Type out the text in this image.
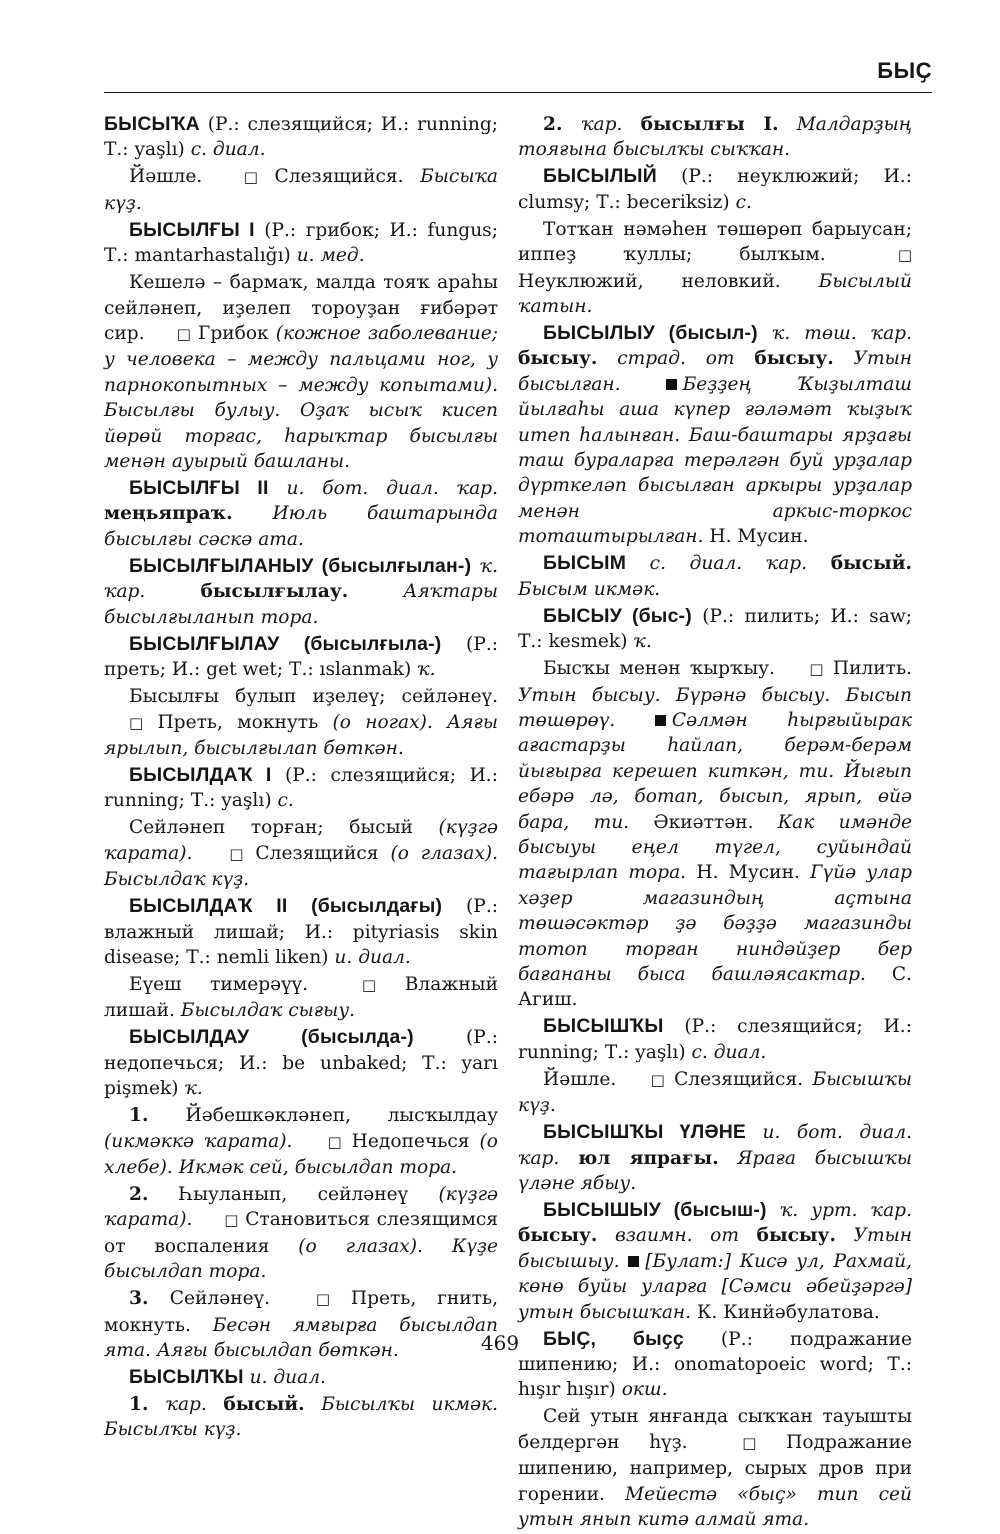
БЫҪ

БЫСЫҠА (Р.: слезящийся; И.: running; Т.: yaşlı) с. диал.

Йәшле. □ Слезящийся. Бысыҡа күҙ.

БЫСЫЛҒЫ I (Р.: грибок; И.: fungus; Т.: mantarhastalığı) и. мед.

Кешелә – бармаҡ, малда тояҡ араһы сейләнеп, иҙелеп тороуҙан ғибәрәт сир. □ Грибок (кожное заболевание; у человека – между пальцами ног, у парнокопытных – между копытами). Бысылғы булыу. Оҙаҡ ысыҡ кисеп йөрөй торғас, һарыҡтар бысылғы менән ауырый башланы.

БЫСЫЛҒЫ II и. бот. диал. ҡар. меңьяпраҡ. Июль баштарында бысылғы сәскә ата.

БЫСЫЛҒЫЛАНЫУ (бысылғылан-) ҡ. ҡар.	бысылғылау.	Аяҡтары бысылғыланып тора.

БЫСЫЛҒЫЛАУ (бысылғыла-) (Р.: преть; И.: get wet; Т.: ıslanmak) ҡ.

Бысылғы булып иҙелеү; сейләнеү. □ Преть, мокнуть (о ногах). Аяғы ярылып, бысылғылап бөткән.

БЫСЫЛДАҠ I (Р.: слезящийся; И.: running; Т.: yaşlı) с.

Сейләнеп торған; бысый (күҙгә ҡарата). □ Слезящийся (о глазах). Бысылдаҡ күҙ.

БЫСЫЛДАҠ II (бысылдағы) (Р.: влажный лишай; И.: pityriasis skin disease; Т.: nemli liken) и. диал.

Еүеш тимерәүү. □ Влажный лишай. Бысылдаҡ сығыу.

БЫСЫЛДАУ (бысылда-) (Р.: недопечься; И.: be unbaked; Т.: yarı pişmek) ҡ.

1. Йәбешкәкләнеп, лысҡылдау (икмәккә ҡарата). □ Недопечься (о хлебе). Икмәк сей, бысылдап тора.

2. Һыуланып, сейләнеү (күҙгә ҡарата). □ Становиться слезящимся от воспаления (о глазах). Күҙе бысылдап тора.

3. Сейләнеү. □ Преть, гнить, мокнуть. Бесән ямғырға бысылдап ята. Аяғы бысылдап бөткән.

БЫСЫЛҠЫ и. диал.

1. ҡар. бысый. Бысылҡы икмәк. Бысылҡы күҙ.

2. ҡар. бысылғы I. Малдарҙың тояғына бысылҡы сыҡҡан.

БЫСЫЛЫЙ (Р.: неуклюжий; И.: clumsy; Т.: beceriksiz) с.

Тотҡан нәмәһен төшөрөп барыусан; иппеҙ ҡуллы; былҡым. □ Неуклюжий, неловкий. Бысылый ҡатын.

БЫСЫЛЫУ (бысыл-) ҡ. төш. ҡар. бысыу. страд. от бысыу. Утын бысылған.	Беҙҙең Ҡыҙылташ йылғаһы аша күпер ғәләмәт ҡыҙыҡ итеп һалынған. Баш-баштары ярҙағы таш бураларға терәлгән буй урҙалар дүрткеләп бысылған аркыры урҙалар менән аркыс-торкос тоташтырылған. Н. Мусин.

БЫСЫМ с. диал. ҡар. бысый. Бысым икмәк.

БЫСЫУ (быс-) (Р.: пилить; И.: saw; Т.: kesmek) ҡ.

Бысҡы менән ҡырҡыу. □ Пилить. Утын бысыу. Бүрәнә бысыу. Бысып төшөрөү.	Сәлмән һырғыйырак ағастарҙы һайлап, берәм-берәм йығырға керешеп киткән, ти. Йығып ебәрә лә, ботап, бысып, ярып, өйә бара, ти. Әкиәттән. Как имәнде бысыуы еңел түгел, суйындай тағырлап тора. Н. Мусин. Гүйә улар хәҙер магазиндың аҫтына төшәсәктәр ҙә бәҙҙә магазинды тотоп торған ниндәйҙер бер бағананы быса башләясактар. С. Агиш.

БЫСЫШҠЫ (Р.: слезящийся; И.: running; Т.: yaşlı) с. диал.

Йәшле. □ Слезящийся. Бысышҡы күҙ.

БЫСЫШҠЫ ҮЛӘНЕ и. бот. диал. ҡар. юл япрағы. Яраға бысышҡы үләне ябыу.

БЫСЫШЫУ (бысыш-) ҡ. урт. ҡар. бысыу. взаимн. от бысыу. Утын бысышыу. [Булат:] Кисә ул, Рахмай, көнө буйы уларға [Сәмси әбейҙәргә] утын бысышҡан. К. Кинйәбулатова.

БЫҪ, быҫҫ (Р.: подражание шипению; И.: onomatopoeic word; Т.: hışır hışır) окш.

Сей утын янғанда сыҡҡан тауышты белдергән һүҙ. □ Подражание шипению, например, сырых дров при горении. Мейестә «быҫ» тип сей утын янып китә алмай ята.

469
